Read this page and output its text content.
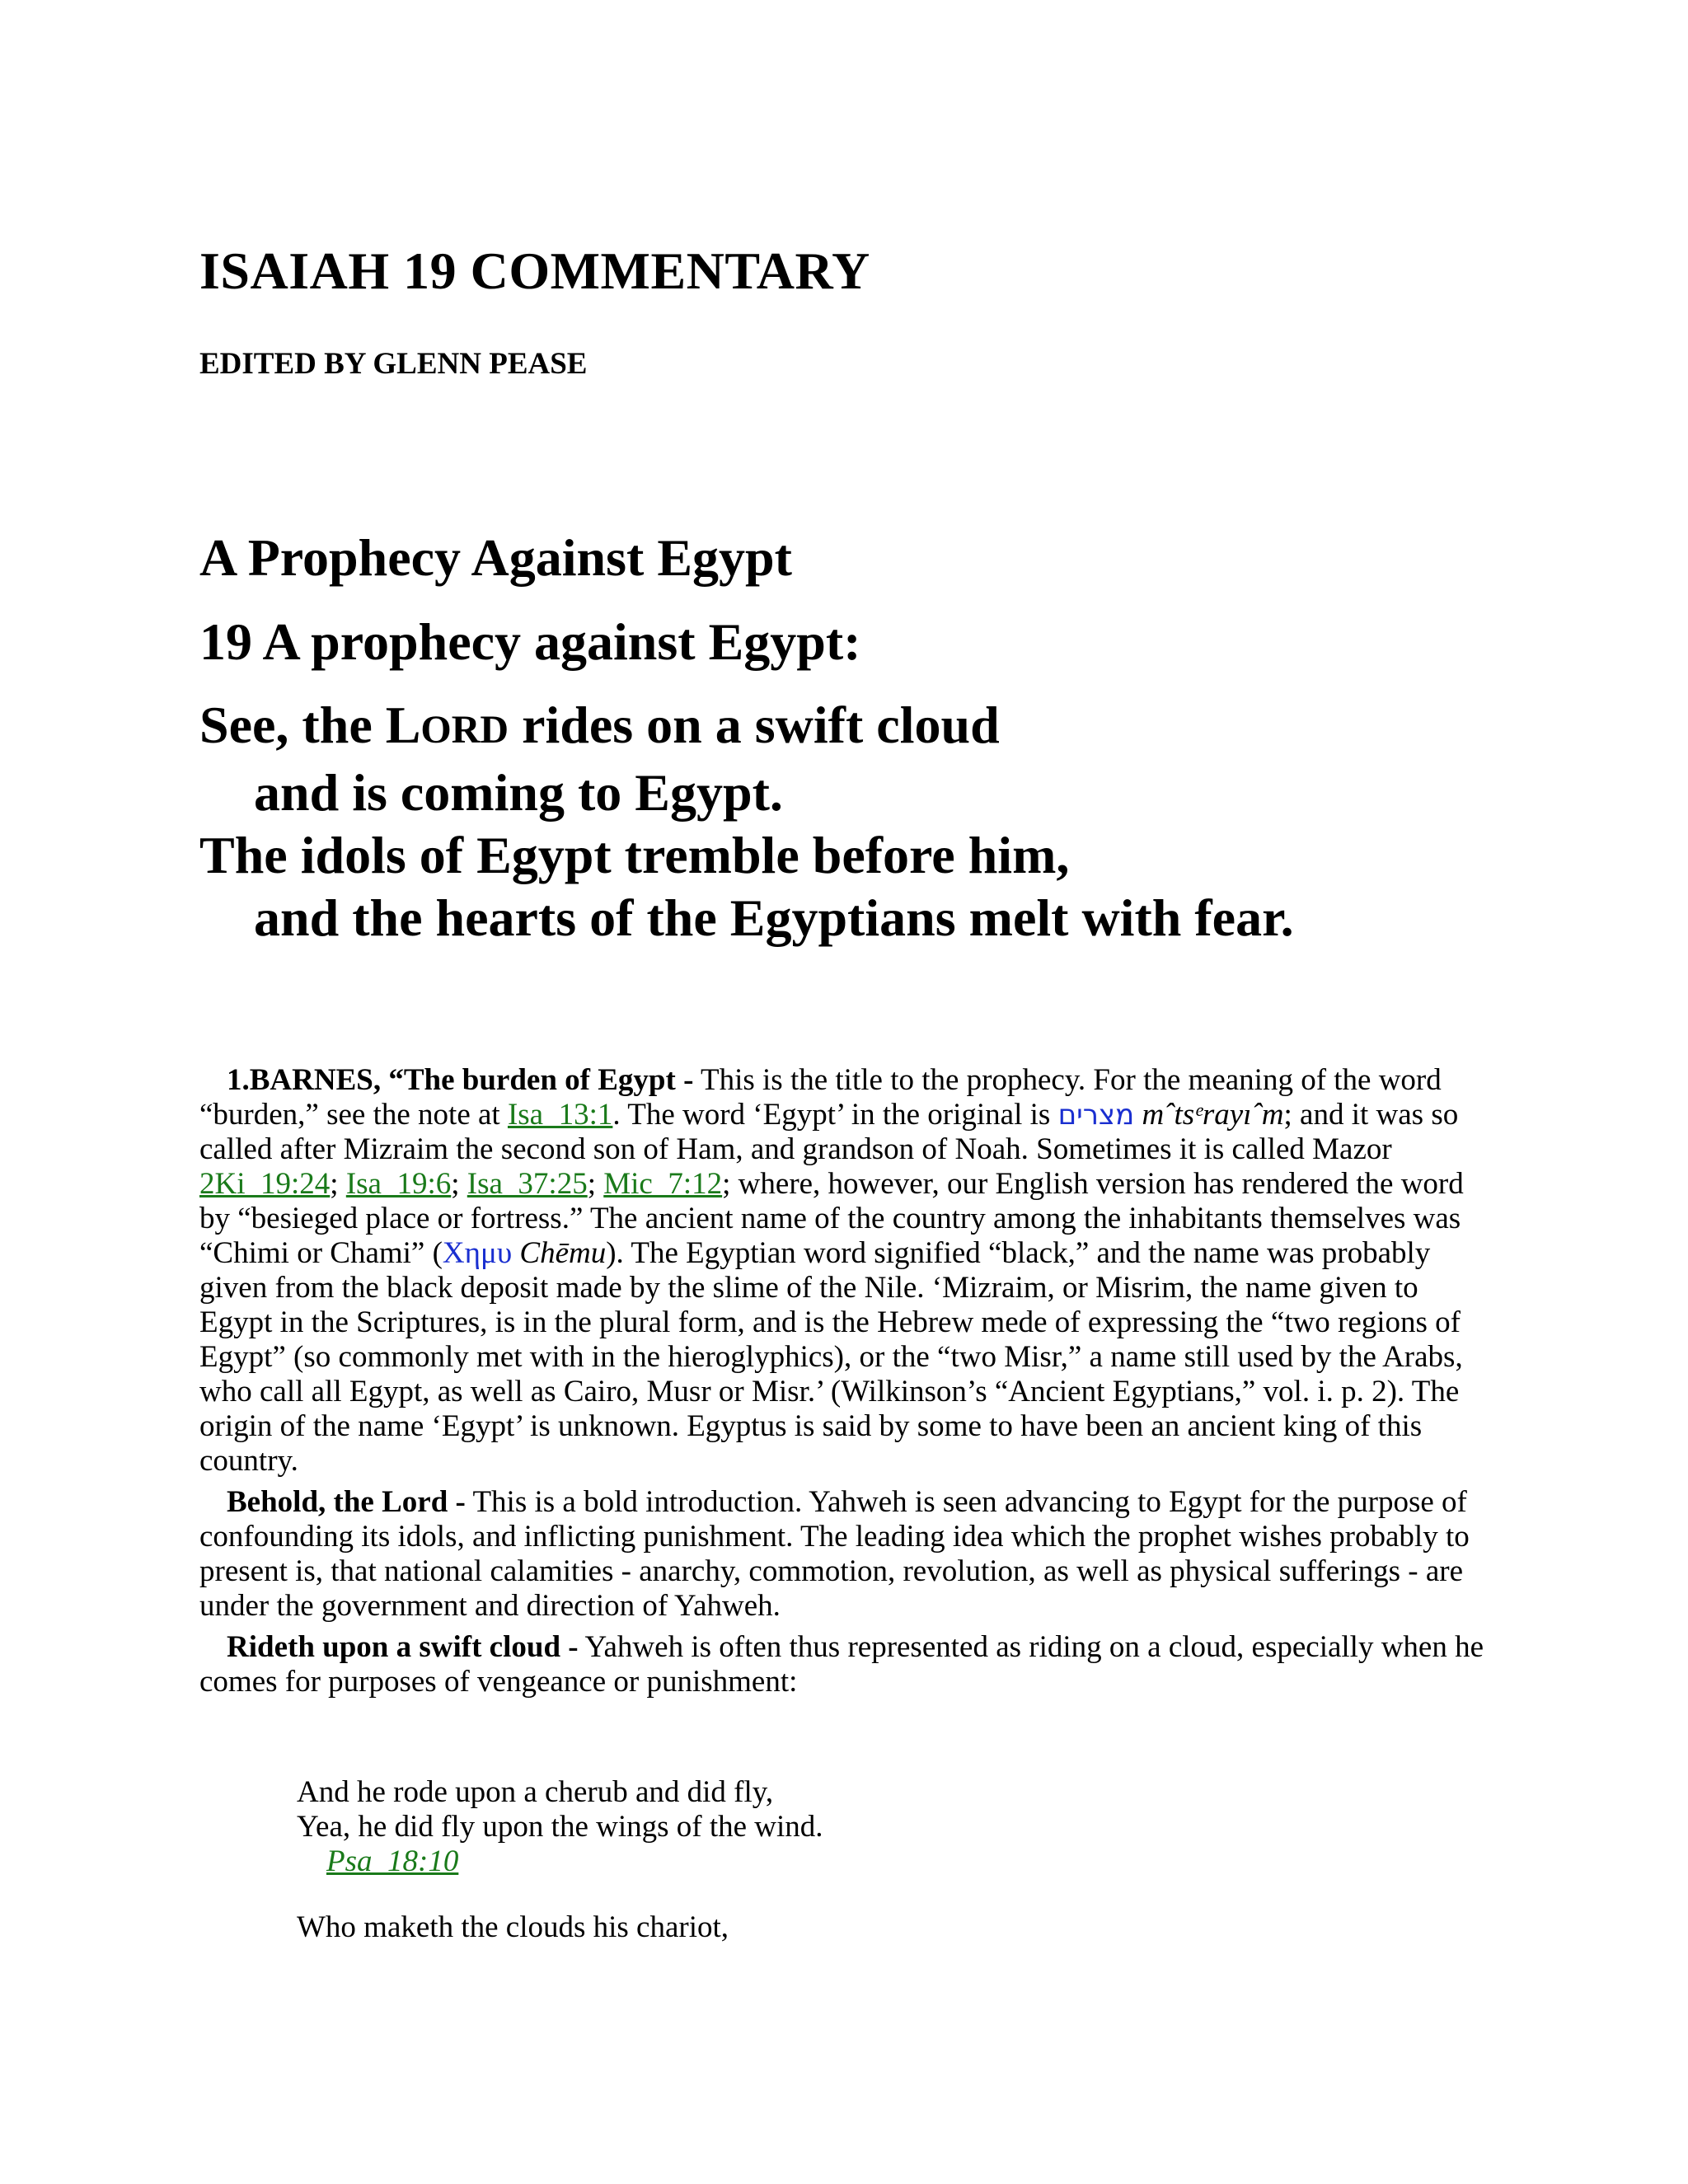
ISAIAH 19 COMMENTARY
EDITED BY GLENN PEASE
A Prophecy Against Egypt
19 A prophecy against Egypt:
See, the LORD rides on a swift cloud
and is coming to Egypt.
The idols of Egypt tremble before him,
and the hearts of the Egyptians melt with fear.

1.BARNES, “The burden of Egypt - This is the title to the prophecy. For the meaning of the word “burden,” see the note at Isa_13:1. The word ‘Egypt’ in the original is מצרים mˆtsᵉrayıˆm; and it was so called after Mizraim the second son of Ham, and grandson of Noah. Sometimes it is called Mazor 2Ki_19:24; Isa_19:6; Isa_37:25; Mic_7:12; where, however, our English version has rendered the word by “besieged place or fortress.” The ancient name of the country among the inhabitants themselves was “Chimi or Chami” (Χημυ Chēmu). The Egyptian word signified “black,” and the name was probably given from the black deposit made by the slime of the Nile. ‘Mizraim, or Misrim, the name given to Egypt in the Scriptures, is in the plural form, and is the Hebrew mede of expressing the “two regions of Egypt” (so commonly met with in the hieroglyphics), or the “two Misr,” a name still used by the Arabs, who call all Egypt, as well as Cairo, Musr or Misr.’ (Wilkinson’s “Ancient Egyptians,” vol. i. p. 2). The origin of the name ‘Egypt’ is unknown. Egyptus is said by some to have been an ancient king of this country.

Behold, the Lord - This is a bold introduction. Yahweh is seen advancing to Egypt for the purpose of confounding its idols, and inflicting punishment. The leading idea which the prophet wishes probably to present is, that national calamities - anarchy, commotion, revolution, as well as physical sufferings - are under the government and direction of Yahweh.

Rideth upon a swift cloud - Yahweh is often thus represented as riding on a cloud, especially when he comes for purposes of vengeance or punishment:

And he rode upon a cherub and did fly,
Yea, he did fly upon the wings of the wind.
Psa_18:10
Who maketh the clouds his chariot,
